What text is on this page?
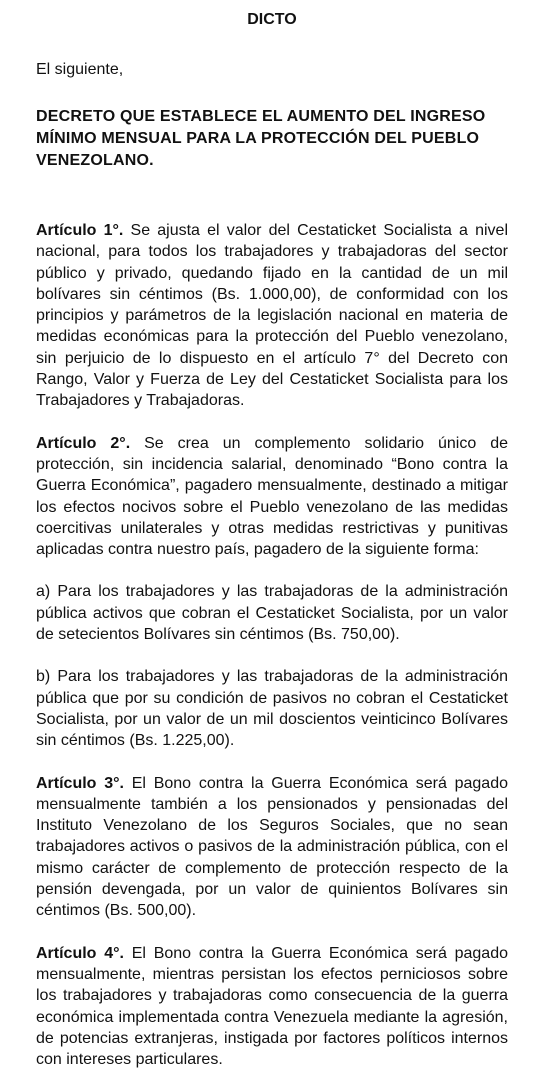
DICTO
El siguiente,
DECRETO QUE ESTABLECE EL AUMENTO DEL INGRESO MÍNIMO MENSUAL PARA LA PROTECCIÓN DEL PUEBLO VENEZOLANO.

Artículo 1°. Se ajusta el valor del Cestaticket Socialista a nivel nacional, para todos los trabajadores y trabajadoras del sector público y privado, quedando fijado en la cantidad de un mil bolívares sin céntimos (Bs. 1.000,00), de conformidad con los principios y parámetros de la legislación nacional en materia de medidas económicas para la protección del Pueblo venezolano, sin perjuicio de lo dispuesto en el artículo 7° del Decreto con Rango, Valor y Fuerza de Ley del Cestaticket Socialista para los Trabajadores y Trabajadoras.

Artículo 2°. Se crea un complemento solidario único de protección, sin incidencia salarial, denominado “Bono contra la Guerra Económica”, pagadero mensualmente, destinado a mitigar los efectos nocivos sobre el Pueblo venezolano de las medidas coercitivas unilaterales y otras medidas restrictivas y punitivas aplicadas contra nuestro país, pagadero de la siguiente forma:

a) Para los trabajadores y las trabajadoras de la administración pública activos que cobran el Cestaticket Socialista, por un valor de setecientos Bolívares sin céntimos (Bs. 750,00).

b) Para los trabajadores y las trabajadoras de la administración pública que por su condición de pasivos no cobran el Cestaticket Socialista, por un valor de un mil doscientos veinticinco Bolívares sin céntimos (Bs. 1.225,00).

Artículo 3°. El Bono contra la Guerra Económica será pagado mensualmente también a los pensionados y pensionadas del Instituto Venezolano de los Seguros Sociales, que no sean trabajadores activos o pasivos de la administración pública, con el mismo carácter de complemento de protección respecto de la pensión devengada, por un valor de quinientos Bolívares sin céntimos (Bs. 500,00).

Artículo 4°. El Bono contra la Guerra Económica será pagado mensualmente, mientras persistan los efectos perniciosos sobre los trabajadores y trabajadoras como consecuencia de la guerra económica implementada contra Venezuela mediante la agresión, de potencias extranjeras, instigada por factores políticos internos con intereses particulares.
